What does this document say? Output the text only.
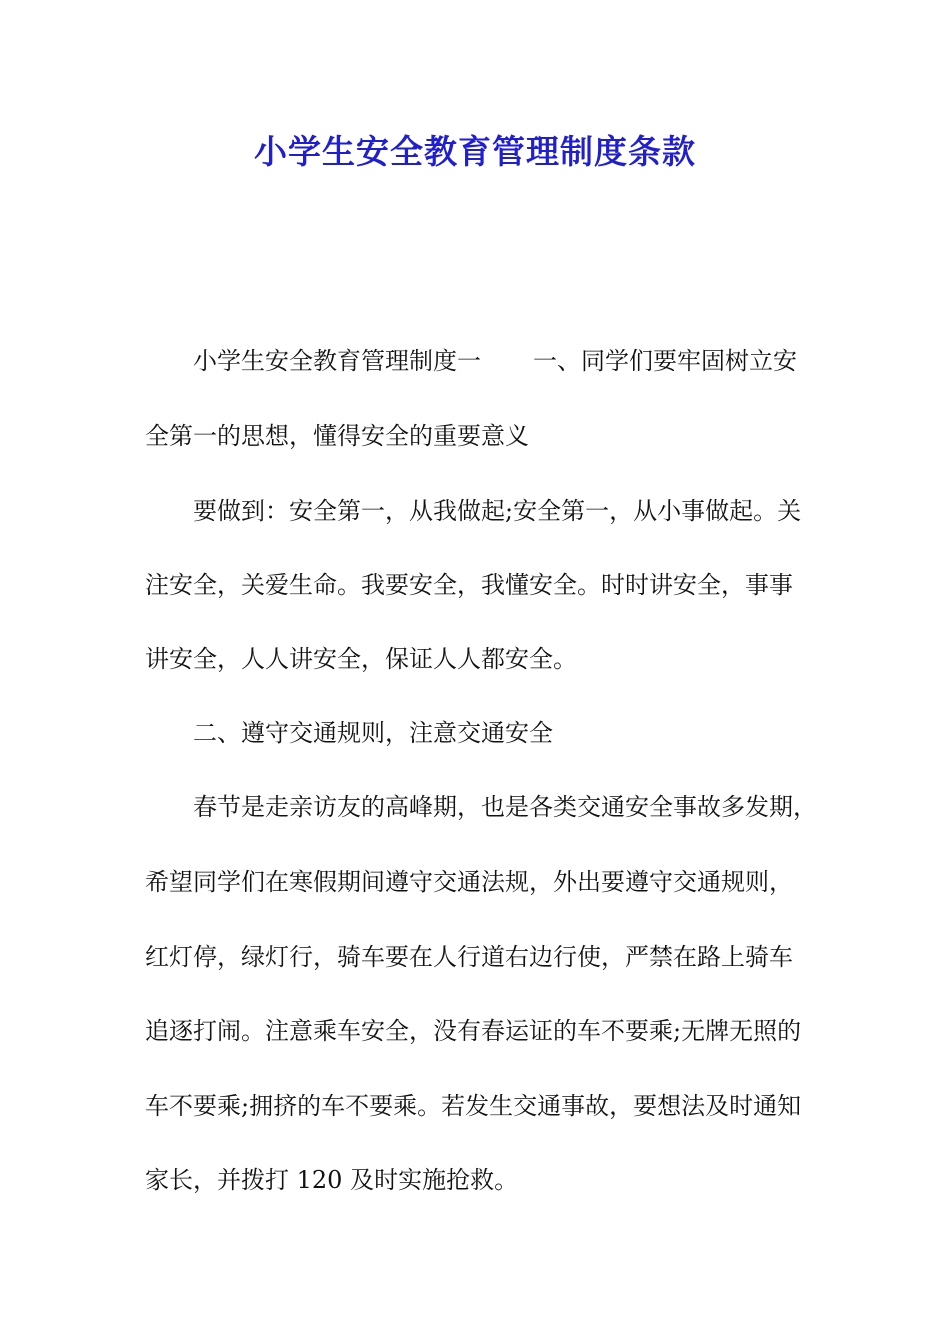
小学生安全教育管理制度条款

小学生安全教育管理制度一 一、同学们要牢固树立安

全第一的思想，懂得安全的重要意义

要做到：安全第一，从我做起;安全第一，从小事做起。关

注安全，关爱生命。我要安全，我懂安全。时时讲安全，事事

讲安全，人人讲安全，保证人人都安全。

二、遵守交通规则，注意交通安全

春节是走亲访友的高峰期，也是各类交通安全事故多发期，

希望同学们在寒假期间遵守交通法规，外出要遵守交通规则，

红灯停，绿灯行，骑车要在人行道右边行使，严禁在路上骑车

追逐打闹。注意乘车安全，没有春运证的车不要乘;无牌无照的

车不要乘;拥挤的车不要乘。若发生交通事故，要想法及时通知

家长，并拨打 120 及时实施抢救。
